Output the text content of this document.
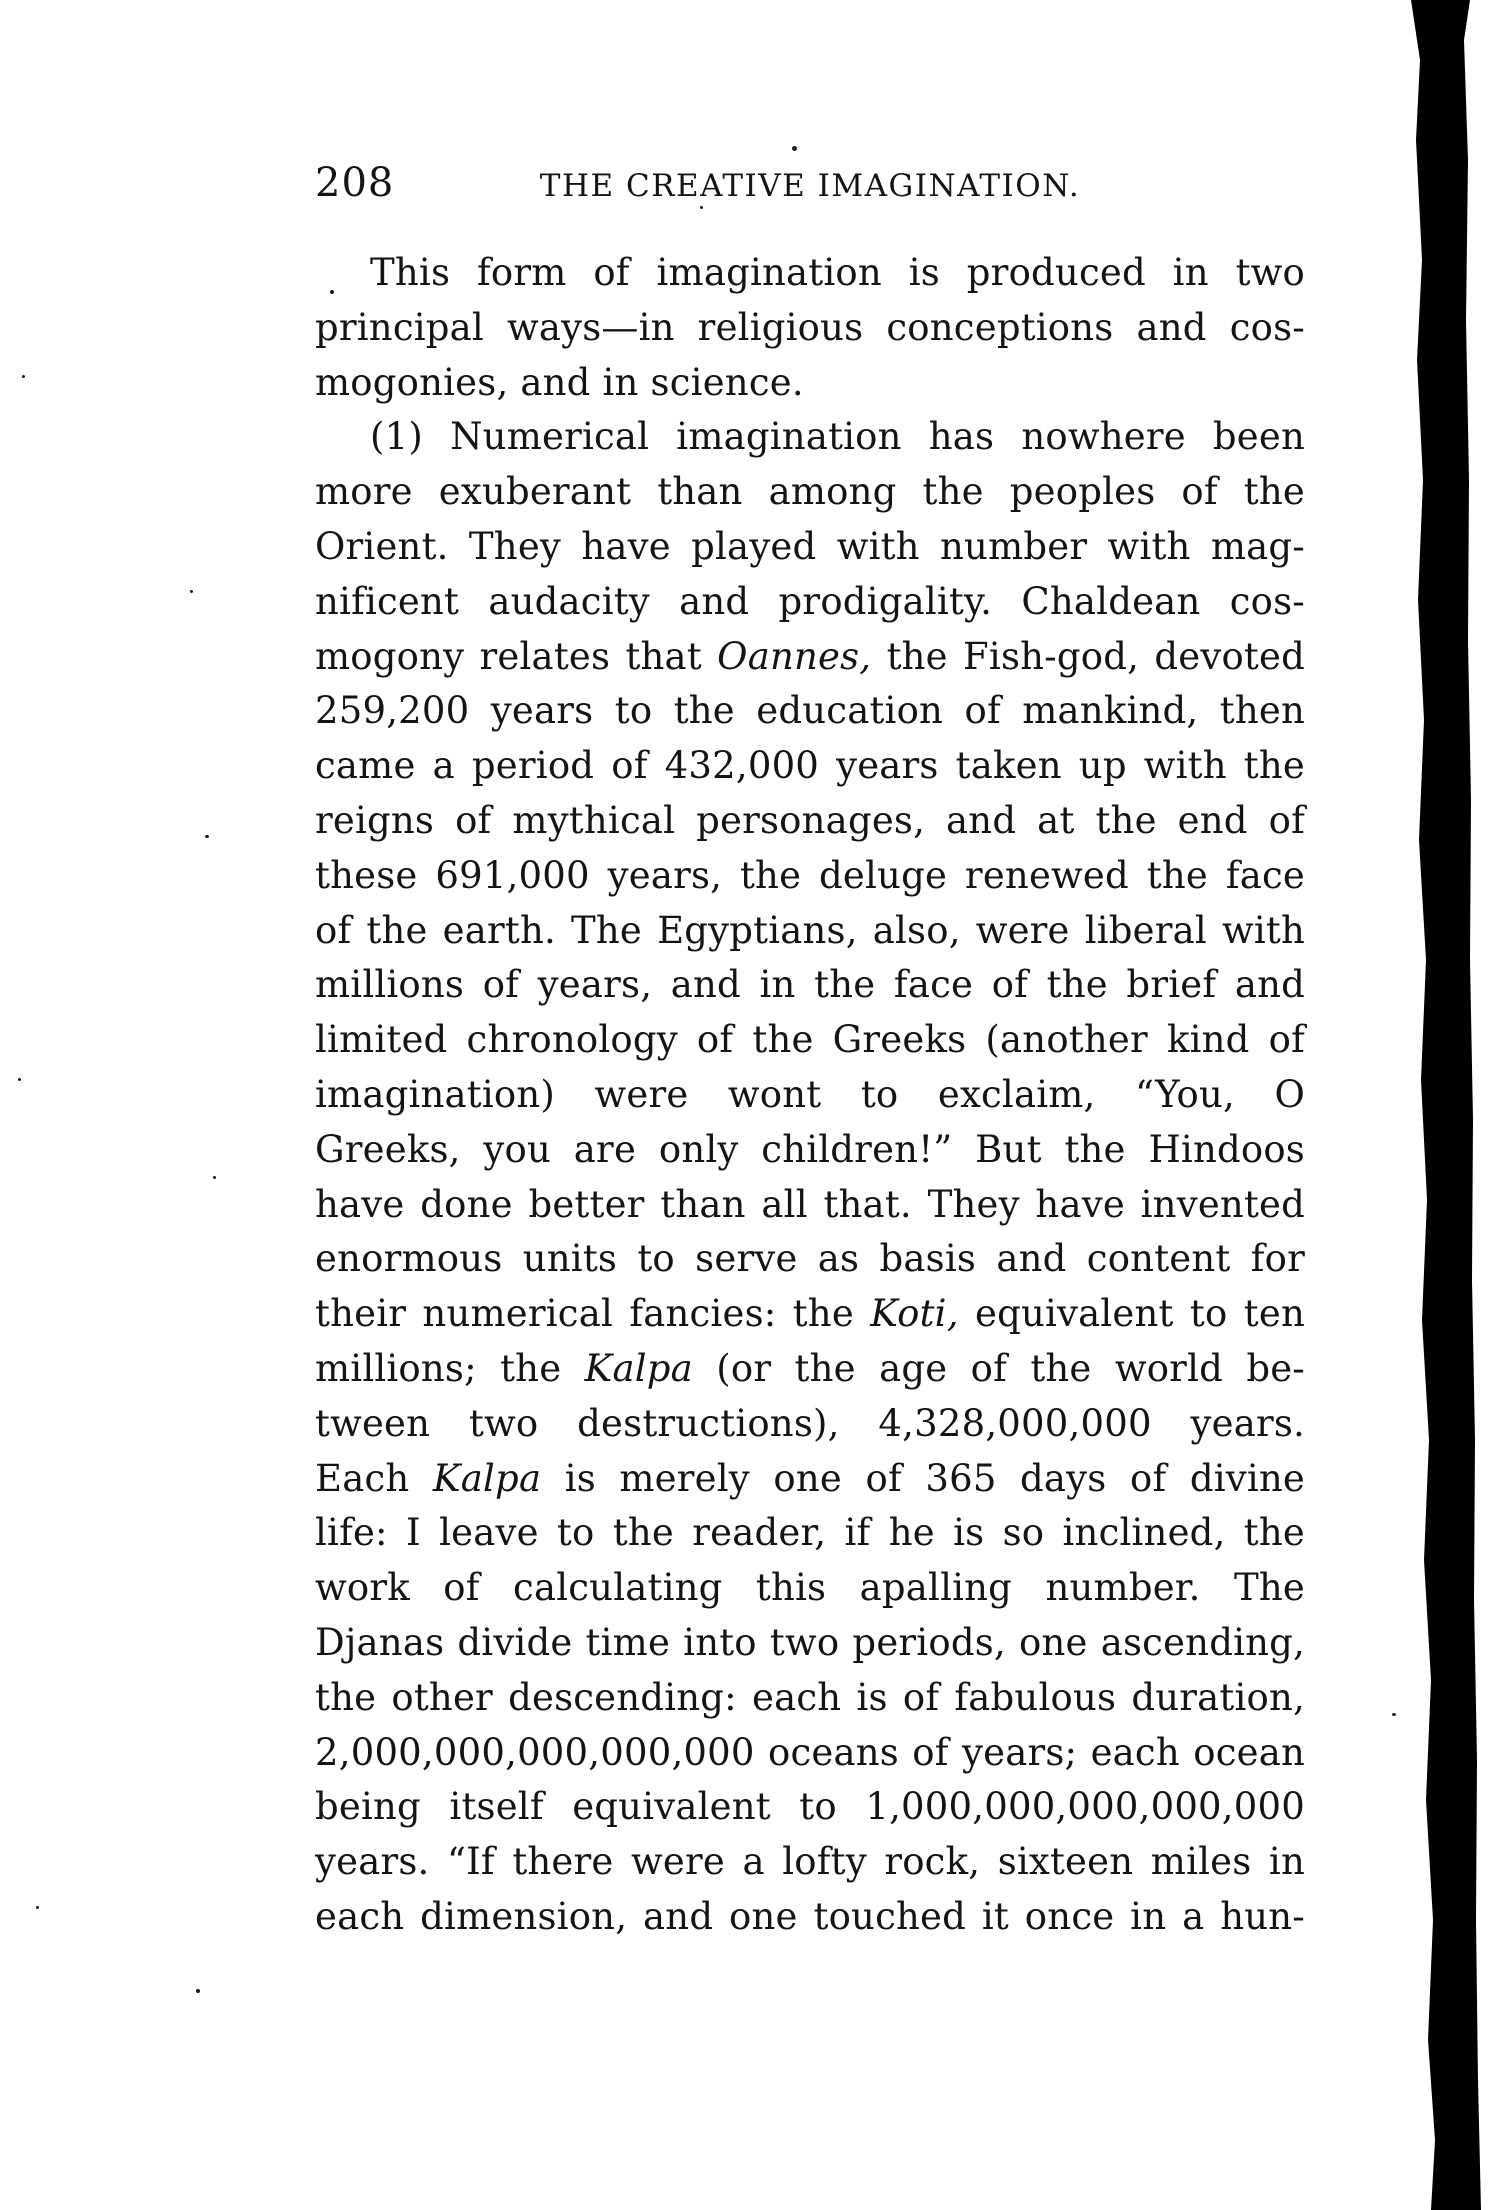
208	THE CREATIVE IMAGINATION.
This form of imagination is produced in two
principal ways—in religious conceptions and cos-
mogonies, and in science.
(1) Numerical imagination has nowhere been
more exuberant than among the peoples of the
Orient. They have played with number with mag-
nificent audacity and prodigality. Chaldean cos-
mogony relates that Oannes, the Fish-god, devoted
259,200 years to the education of mankind, then
came a period of 432,000 years taken up with the
reigns of mythical personages, and at the end of
these 691,000 years, the deluge renewed the face
of the earth. The Egyptians, also, were liberal with
millions of years, and in the face of the brief and
limited chronology of the Greeks (another kind of
imagination) were wont to exclaim, “You, O
Greeks, you are only children!” But the Hindoos
have done better than all that. They have invented
enormous units to serve as basis and content for
their numerical fancies: the Koti, equivalent to ten
millions; the Kalpa (or the age of the world be-
tween two destructions), 4,328,000,000 years.
Each Kalpa is merely one of 365 days of divine
life: I leave to the reader, if he is so inclined, the
work of calculating this apalling number. The
Djanas divide time into two periods, one ascending,
the other descending: each is of fabulous duration,
2,000,000,000,000,000 oceans of years; each ocean
being itself equivalent to 1,000,000,000,000,000
years. “If there were a lofty rock, sixteen miles in
each dimension, and one touched it once in a hun-
